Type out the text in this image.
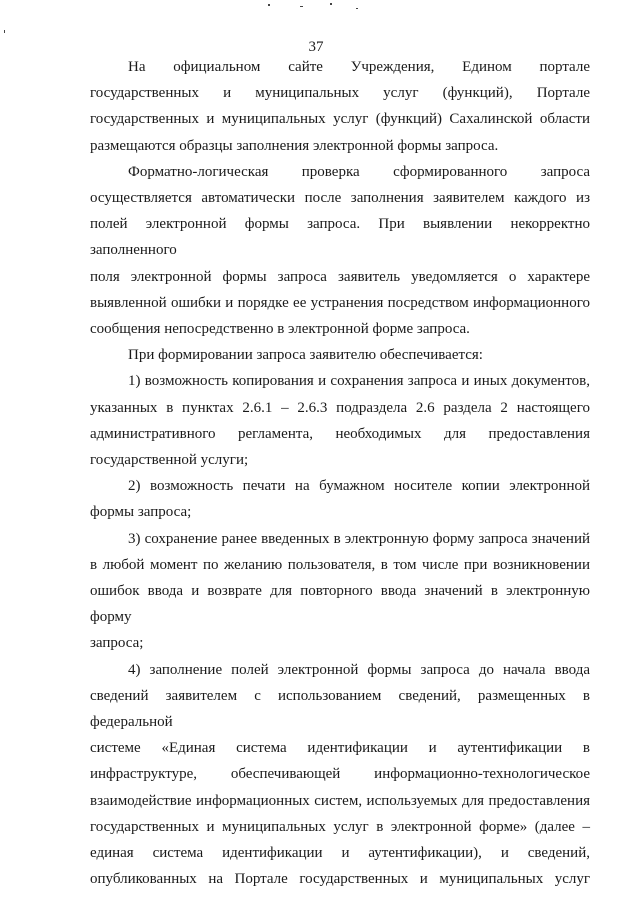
37
На официальном сайте Учреждения, Едином портале
государственных и муниципальных услуг (функций), Портале
государственных и муниципальных услуг (функций) Сахалинской области
размещаются образцы заполнения электронной формы запроса.
Форматно-логическая проверка сформированного запроса
осуществляется автоматически после заполнения заявителем каждого из
полей электронной формы запроса. При выявлении некорректно заполненного
поля электронной формы запроса заявитель уведомляется о характере
выявленной ошибки и порядке ее устранения посредством информационного
сообщения непосредственно в электронной форме запроса.
При формировании запроса заявителю обеспечивается:
1) возможность копирования и сохранения запроса и иных документов,
указанных в пунктах 2.6.1 – 2.6.3 подраздела 2.6 раздела 2 настоящего
административного регламента, необходимых для предоставления
государственной услуги;
2) возможность печати на бумажном носителе копии электронной
формы запроса;
3) сохранение ранее введенных в электронную форму запроса значений
в любой момент по желанию пользователя, в том числе при возникновении
ошибок ввода и возврате для повторного ввода значений в электронную форму
запроса;
4) заполнение полей электронной формы запроса до начала ввода
сведений заявителем с использованием сведений, размещенных в федеральной
системе «Единая система идентификации и аутентификации в
инфраструктуре, обеспечивающей информационно-технологическое
взаимодействие информационных систем, используемых для предоставления
государственных и муниципальных услуг в электронной форме» (далее –
единая система идентификации и аутентификации), и сведений,
опубликованных на Портале государственных и муниципальных услуг
